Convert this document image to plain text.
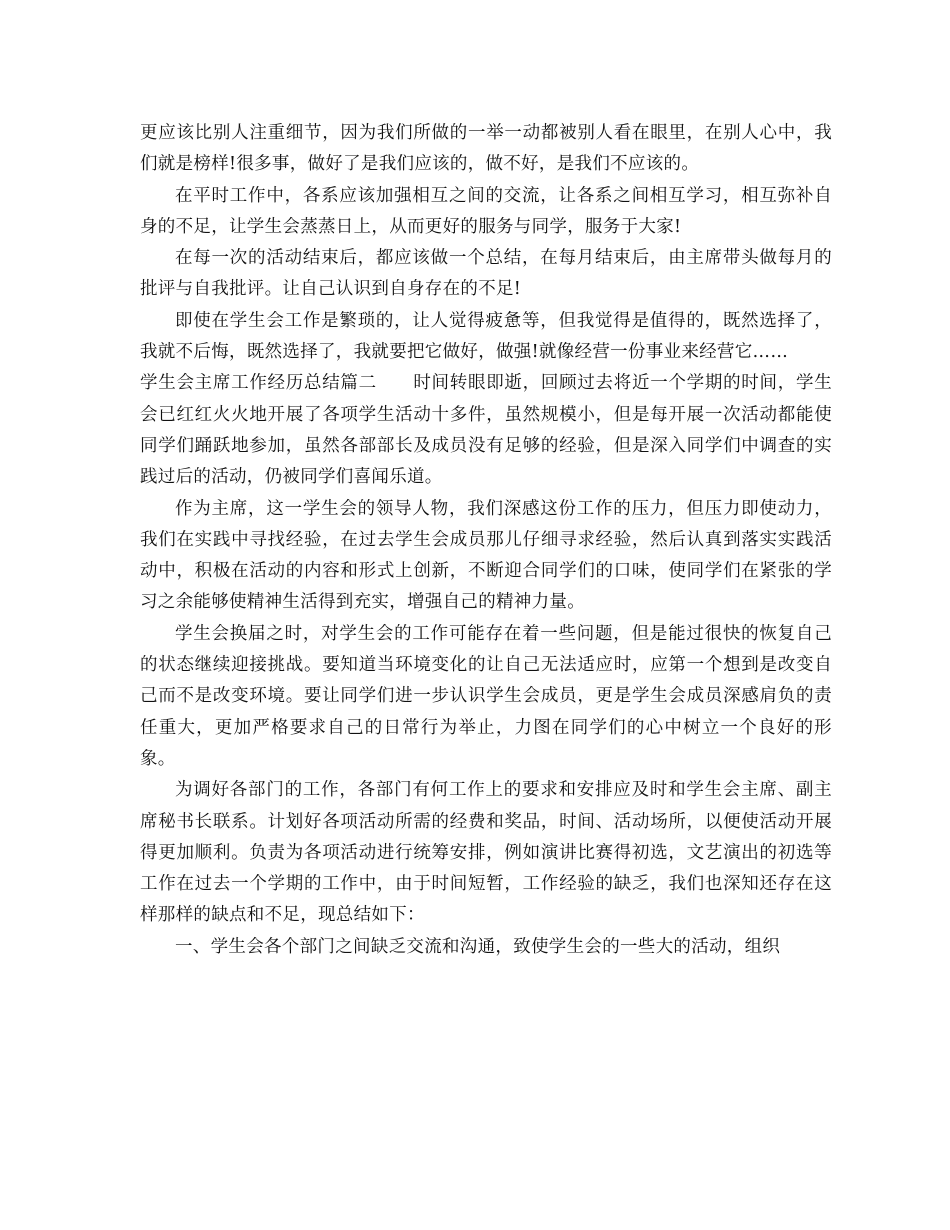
更应该比别人注重细节，因为我们所做的一举一动都被别人看在眼里，在别人心中，我们就是榜样!很多事，做好了是我们应该的，做不好，是我们不应该的。

在平时工作中，各系应该加强相互之间的交流，让各系之间相互学习，相互弥补自身的不足，让学生会蒸蒸日上，从而更好的服务与同学，服务于大家!

在每一次的活动结束后，都应该做一个总结，在每月结束后，由主席带头做每月的批评与自我批评。让自己认识到自身存在的不足!

即使在学生会工作是繁琐的，让人觉得疲惫等，但我觉得是值得的，既然选择了，我就不后悔，既然选择了，我就要把它做好，做强!就像经营一份事业来经营它……

学生会主席工作经历总结篇二　　时间转眼即逝，回顾过去将近一个学期的时间，学生会已红红火火地开展了各项学生活动十多件，虽然规模小，但是每开展一次活动都能使同学们踊跃地参加，虽然各部部长及成员没有足够的经验，但是深入同学们中调查的实践过后的活动，仍被同学们喜闻乐道。

作为主席，这一学生会的领导人物，我们深感这份工作的压力，但压力即使动力，我们在实践中寻找经验，在过去学生会成员那儿仔细寻求经验，然后认真到落实实践活动中，积极在活动的内容和形式上创新，不断迎合同学们的口味，使同学们在紧张的学习之余能够使精神生活得到充实，增强自己的精神力量。

学生会换届之时，对学生会的工作可能存在着一些问题，但是能过很快的恢复自己的状态继续迎接挑战。要知道当环境变化的让自己无法适应时，应第一个想到是改变自己而不是改变环境。要让同学们进一步认识学生会成员，更是学生会成员深感肩负的责任重大，更加严格要求自己的日常行为举止，力图在同学们的心中树立一个良好的形象。

为调好各部门的工作，各部门有何工作上的要求和安排应及时和学生会主席、副主席秘书长联系。计划好各项活动所需的经费和奖品，时间、活动场所，以便使活动开展得更加顺利。负责为各项活动进行统筹安排，例如演讲比赛得初选，文艺演出的初选等工作在过去一个学期的工作中，由于时间短暂，工作经验的缺乏，我们也深知还存在这样那样的缺点和不足，现总结如下：

一、学生会各个部门之间缺乏交流和沟通，致使学生会的一些大的活动，组织
